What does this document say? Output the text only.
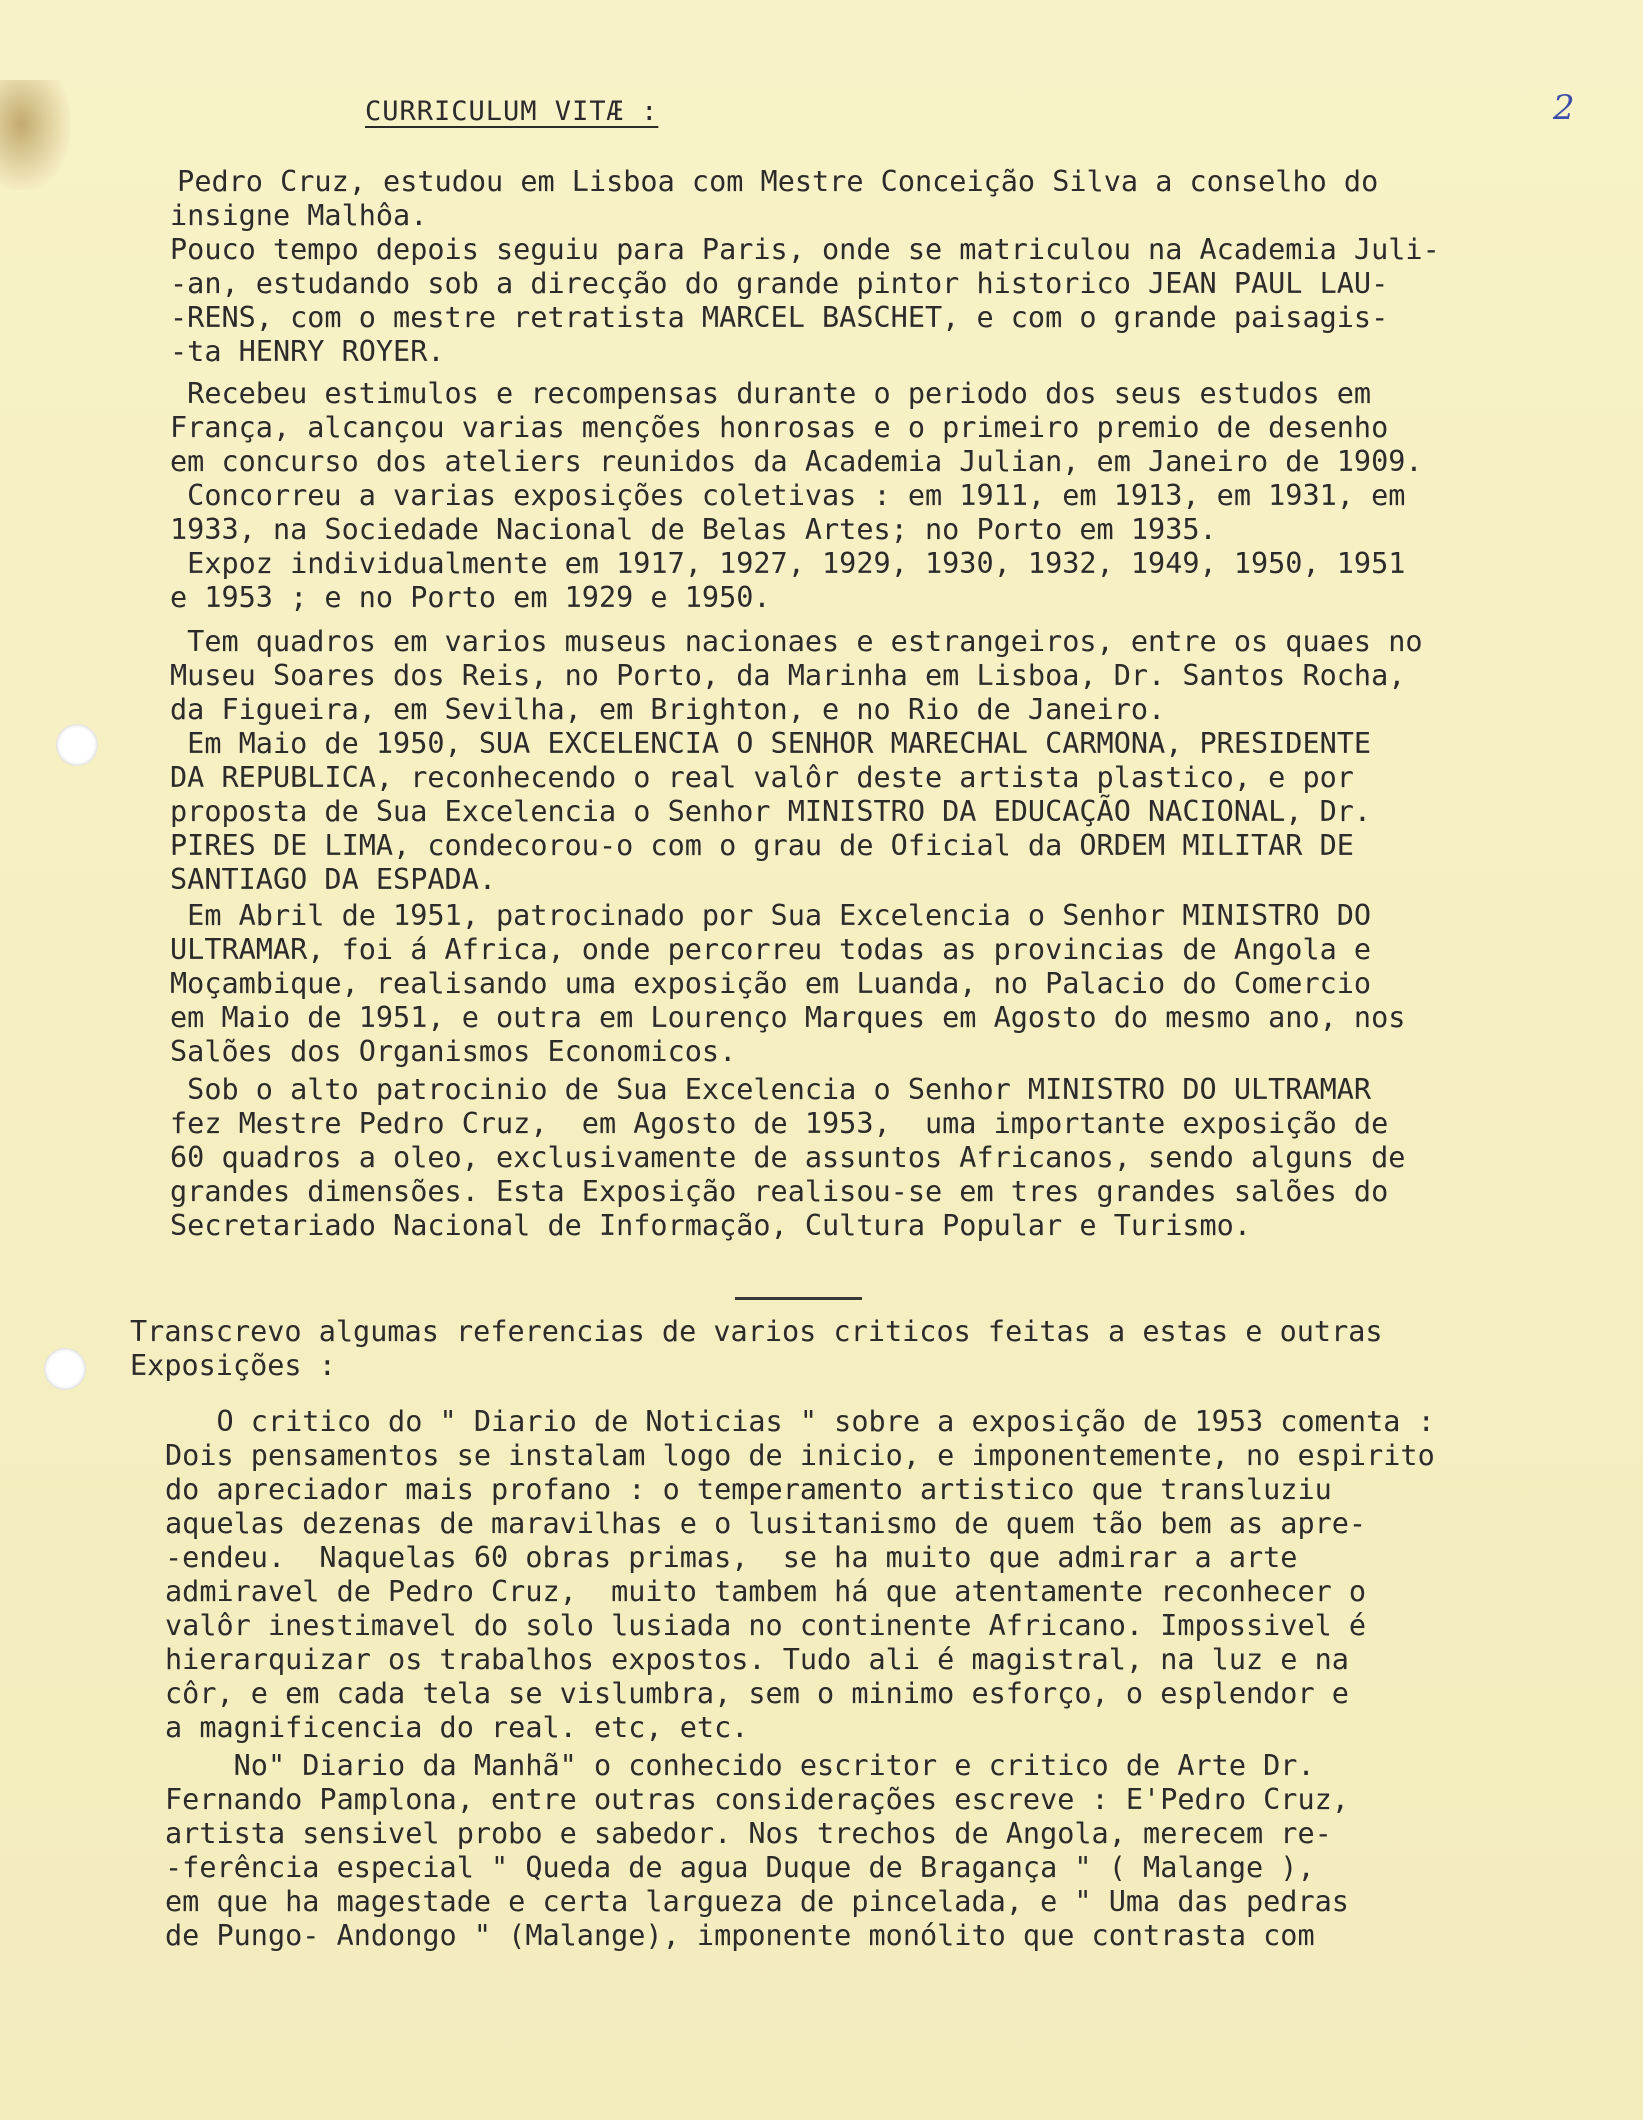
CURRICULUM VITÆ :	2
Pedro Cruz, estudou em Lisboa com Mestre Conceição Silva a conselho do
insigne Malhôa.
Pouco tempo depois seguiu para Paris, onde se matriculou na Academia Juli-
-an, estudando sob a direcção do grande pintor historico JEAN PAUL LAU-
-RENS, com o mestre retratista MARCEL BASCHET, e com o grande paisagis-
-ta HENRY ROYER.
Recebeu estimulos e recompensas durante o periodo dos seus estudos em
França, alcançou varias menções honrosas e o primeiro premio de desenho
em concurso dos ateliers reunidos da Academia Julian, em Janeiro de 1909.
Concorreu a varias exposições coletivas : em 1911, em 1913, em 1931, em
1933, na Sociedade Nacional de Belas Artes; no Porto em 1935.
Expoz individualmente em 1917, 1927, 1929, 1930, 1932, 1949, 1950, 1951
e 1953 ; e no Porto em 1929 e 1950.
Tem quadros em varios museus nacionaes e estrangeiros, entre os quaes no
Museu Soares dos Reis, no Porto, da Marinha em Lisboa, Dr. Santos Rocha,
da Figueira, em Sevilha, em Brighton, e no Rio de Janeiro.
Em Maio de 1950, SUA EXCELENCIA O SENHOR MARECHAL CARMONA, PRESIDENTE
DA REPUBLICA, reconhecendo o real valôr deste artista plastico, e por
proposta de Sua Excelencia o Senhor MINISTRO DA EDUCAÇÃO NACIONAL, Dr.
PIRES DE LIMA, condecorou-o com o grau de Oficial da ORDEM MILITAR DE
SANTIAGO DA ESPADA.
Em Abril de 1951, patrocinado por Sua Excelencia o Senhor MINISTRO DO
ULTRAMAR, foi á Africa, onde percorreu todas as provincias de Angola e
Moçambique, realisando uma exposição em Luanda, no Palacio do Comercio
em Maio de 1951, e outra em Lourenço Marques em Agosto do mesmo ano, nos
Salões dos Organismos Economicos.
Sob o alto patrocinio de Sua Excelencia o Senhor MINISTRO DO ULTRAMAR
fez Mestre Pedro Cruz,  em Agosto de 1953,  uma importante exposição de
60 quadros a oleo, exclusivamente de assuntos Africanos, sendo alguns de
grandes dimensões. Esta Exposição realisou-se em tres grandes salões do
Secretariado Nacional de Informação, Cultura Popular e Turismo.
Transcrevo algumas referencias de varios criticos feitas a estas e outras
Exposições :
O critico do " Diario de Noticias " sobre a exposição de 1953 comenta :
Dois pensamentos se instalam logo de inicio, e imponentemente, no espirito
do apreciador mais profano : o temperamento artistico que transluziu
aquelas dezenas de maravilhas e o lusitanismo de quem tão bem as apre-
-endeu.  Naquelas 60 obras primas,  se ha muito que admirar a arte
admiravel de Pedro Cruz,  muito tambem há que atentamente reconhecer o
valôr inestimavel do solo lusiada no continente Africano. Impossivel é
hierarquizar os trabalhos expostos. Tudo ali é magistral, na luz e na
côr, e em cada tela se vislumbra, sem o minimo esforço, o esplendor e
a magnificencia do real. etc, etc.
No" Diario da Manhã" o conhecido escritor e critico de Arte Dr.
Fernando Pamplona, entre outras considerações escreve : E'Pedro Cruz,
artista sensivel probo e sabedor. Nos trechos de Angola, merecem re-
-ferência especial " Queda de agua Duque de Bragança " ( Malange ),
em que ha magestade e certa largueza de pincelada, e " Uma das pedras
de Pungo- Andongo " (Malange), imponente monólito que contrasta com
